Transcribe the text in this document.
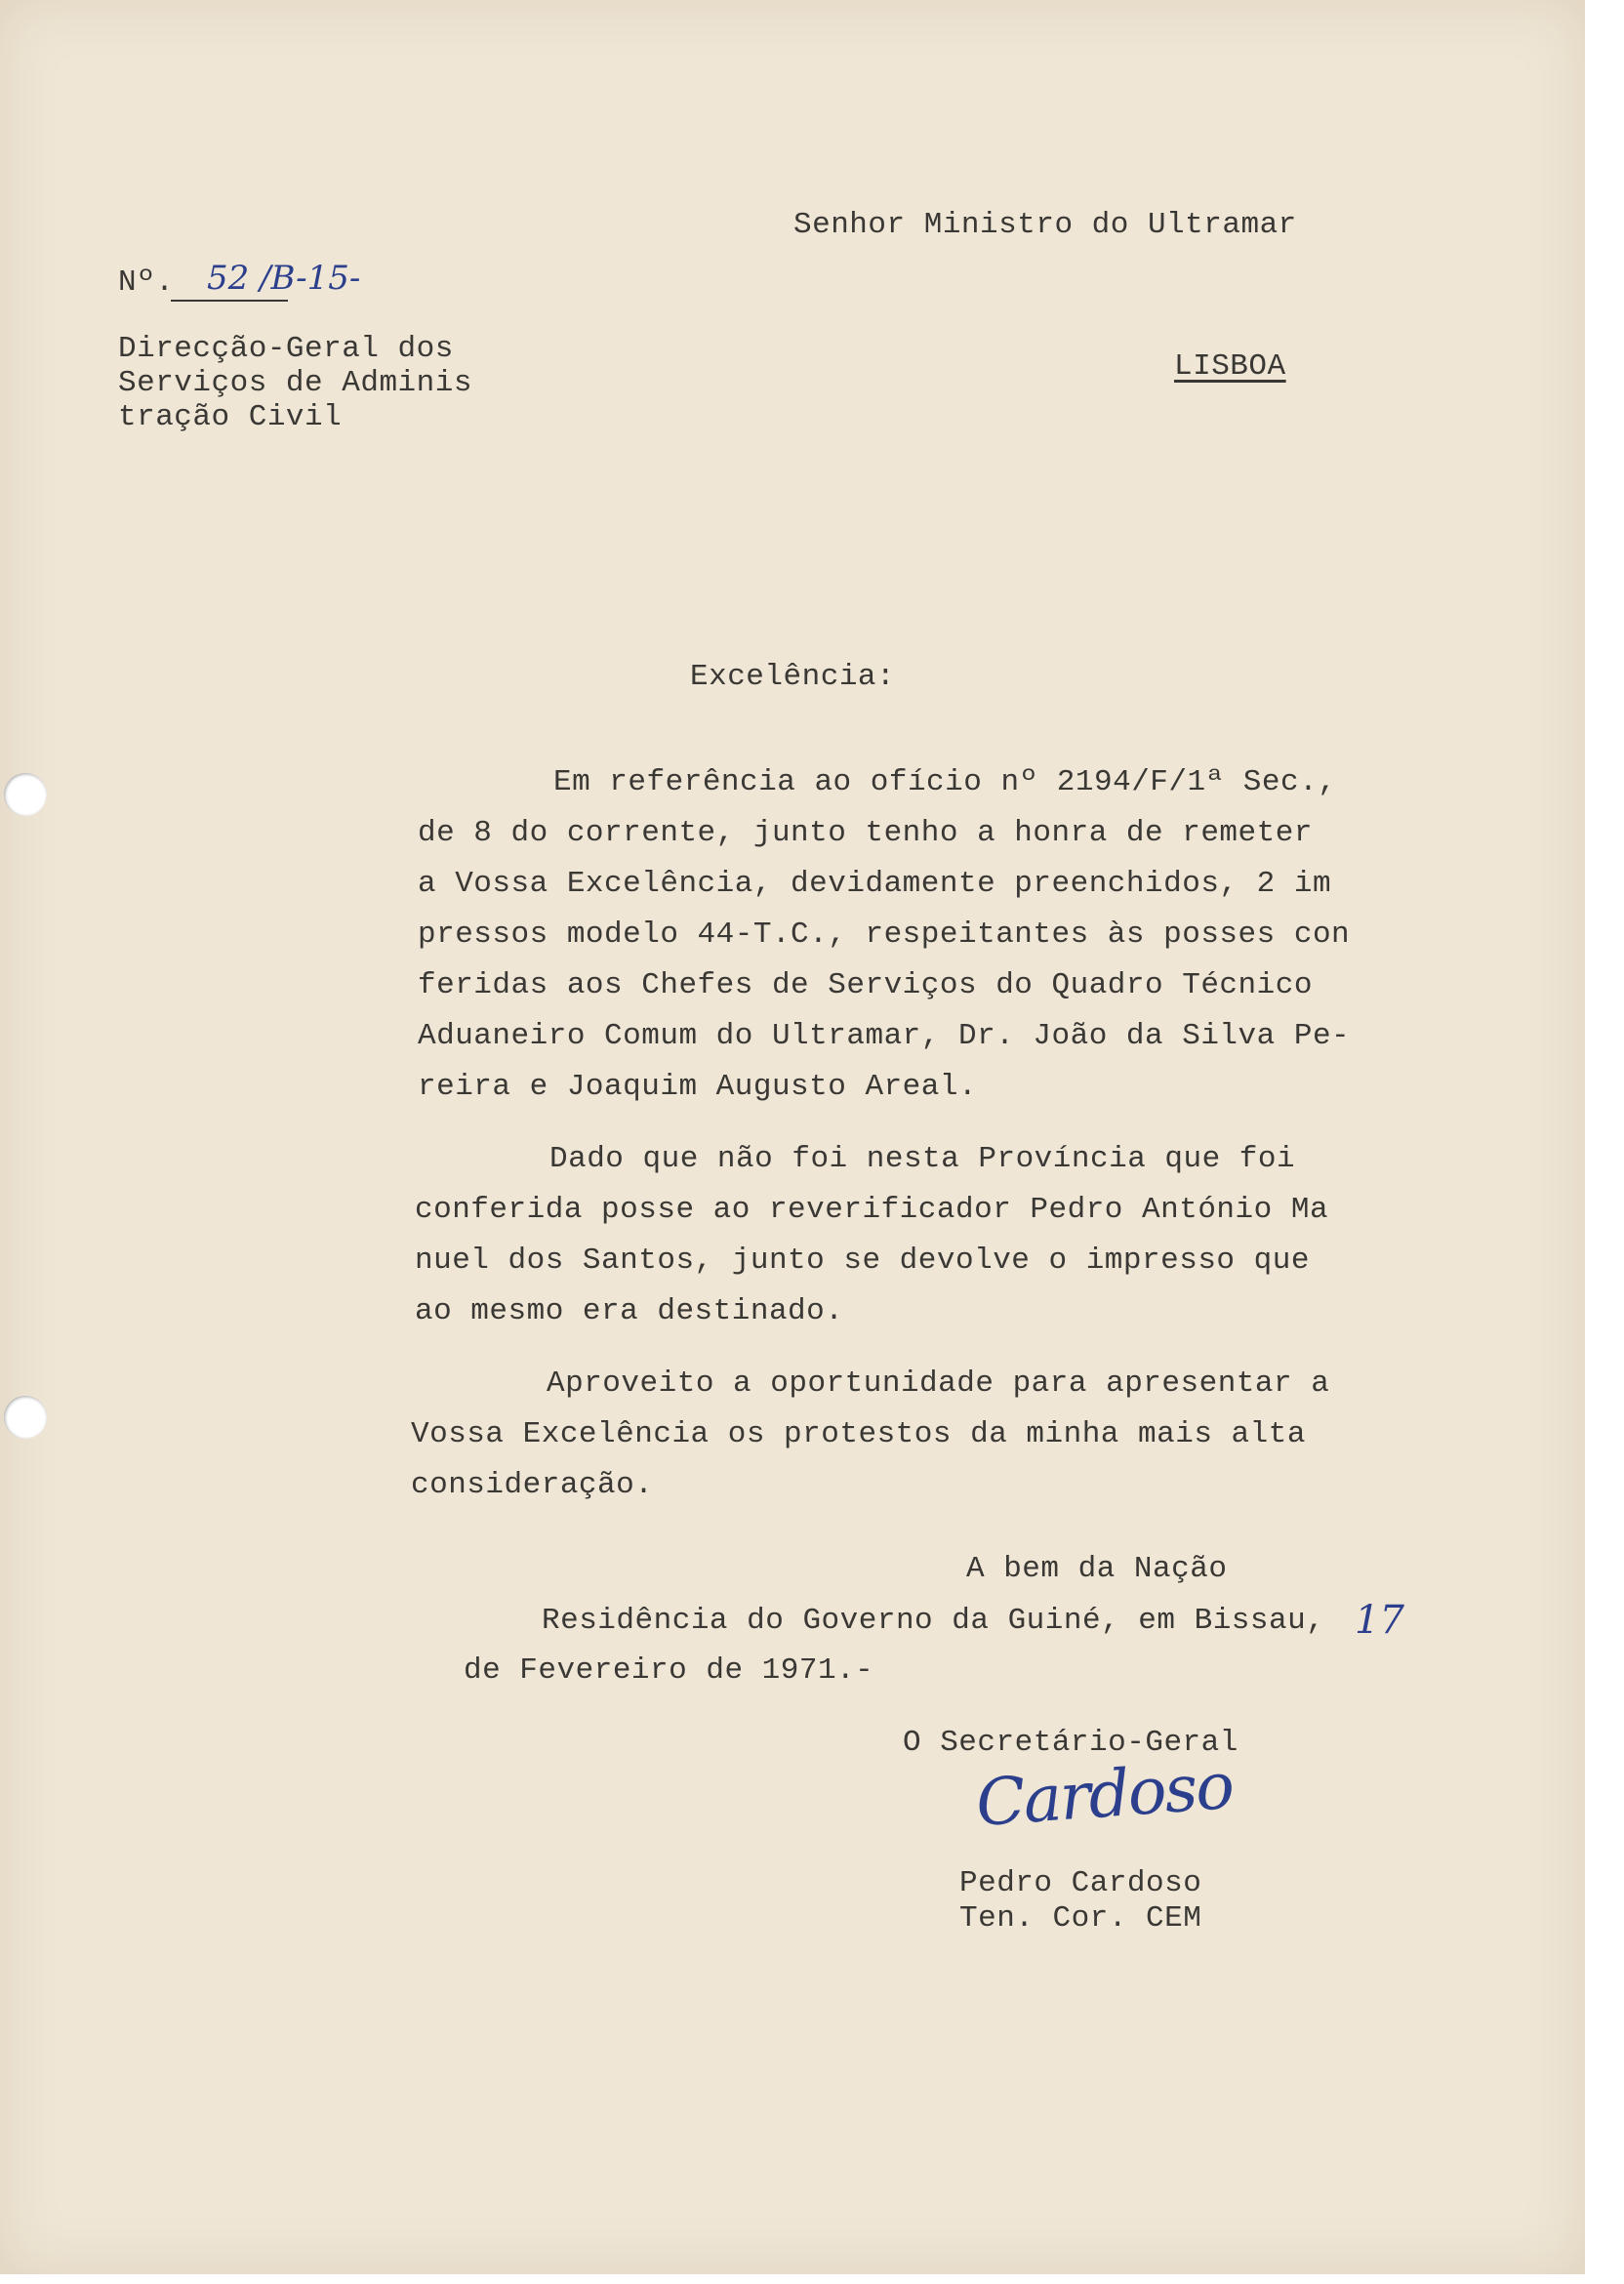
Senhor Ministro do Ultramar
Nº. 52 /B-15-
Direcção-Geral dos
Serviços de Adminis
tração Civil
LISBOA
Excelência:
Em referência ao ofício nº 2194/F/1ª Sec.,
de 8 do corrente, junto tenho a honra de remeter
a Vossa Excelência, devidamente preenchidos, 2 im
pressos modelo 44-T.C., respeitantes às posses con
feridas aos Chefes de Serviços do Quadro Técnico
Aduaneiro Comum do Ultramar, Dr. João da Silva Pe-
reira e Joaquim Augusto Areal.
Dado que não foi nesta Província que foi
conferida posse ao reverificador Pedro António Ma
nuel dos Santos, junto se devolve o impresso que
ao mesmo era destinado.
Aproveito a oportunidade para apresentar a
Vossa Excelência os protestos da minha mais alta
consideração.
A bem da Nação
Residência do Governo da Guiné, em Bissau, 17
de Fevereiro de 1971.-
O Secretário-Geral
Cardoso
Pedro Cardoso
Ten. Cor. CEM
